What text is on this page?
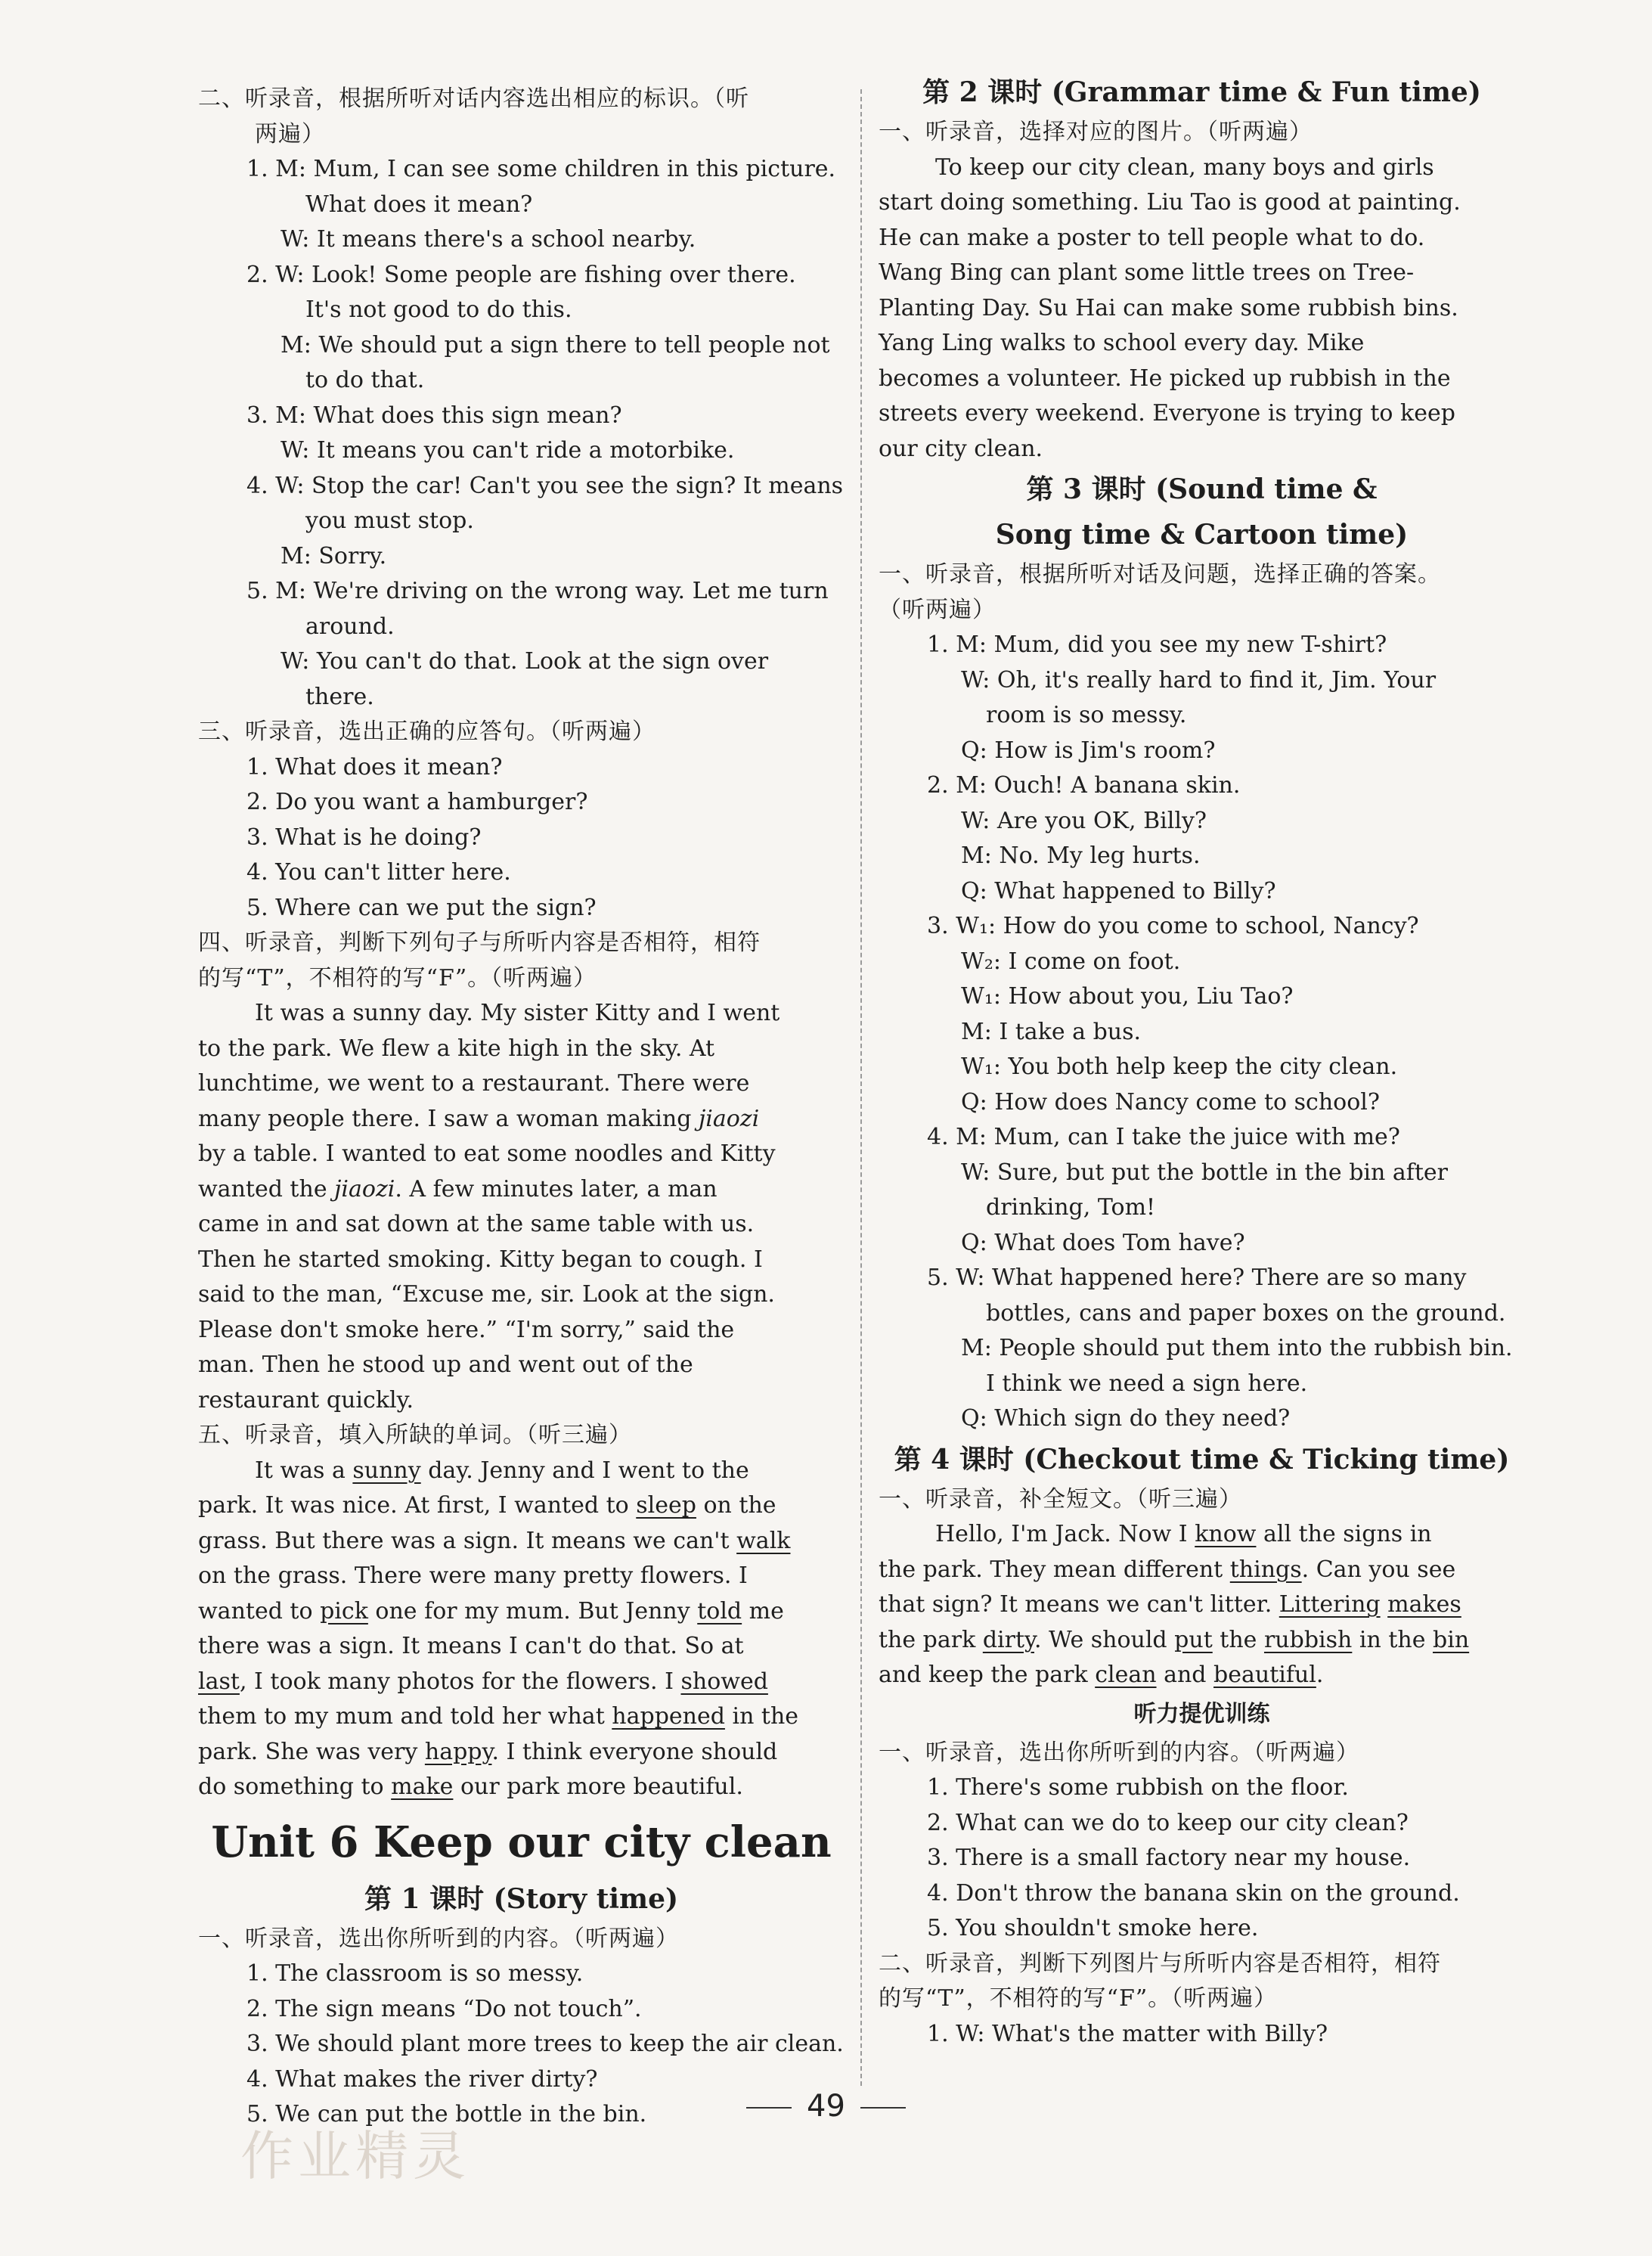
二、听录音，根据所听对话内容选出相应的标识。（听
两遍）
1. M: Mum, I can see some children in this picture.
What does it mean?
W: It means there's a school nearby.
2. W: Look! Some people are fishing over there.
It's not good to do this.
M: We should put a sign there to tell people not
to do that.
3. M: What does this sign mean?
W: It means you can't ride a motorbike.
4. W: Stop the car! Can't you see the sign? It means
you must stop.
M: Sorry.
5. M: We're driving on the wrong way. Let me turn
around.
W: You can't do that. Look at the sign over
there.
三、听录音，选出正确的应答句。（听两遍）
1. What does it mean?
2. Do you want a hamburger?
3. What is he doing?
4. You can't litter here.
5. Where can we put the sign?
四、听录音，判断下列句子与所听内容是否相符，相符
的写“T”，不相符的写“F”。（听两遍）
It was a sunny day. My sister Kitty and I went
to the park. We flew a kite high in the sky. At
lunchtime, we went to a restaurant. There were
many people there. I saw a woman making jiaozi
by a table. I wanted to eat some noodles and Kitty
wanted the jiaozi. A few minutes later, a man
came in and sat down at the same table with us.
Then he started smoking. Kitty began to cough. I
said to the man, “Excuse me, sir. Look at the sign.
Please don't smoke here.” “I'm sorry,” said the
man. Then he stood up and went out of the
restaurant quickly.
五、听录音，填入所缺的单词。（听三遍）
It was a sunny day. Jenny and I went to the
park. It was nice. At first, I wanted to sleep on the
grass. But there was a sign. It means we can't walk
on the grass. There were many pretty flowers. I
wanted to pick one for my mum. But Jenny told me
there was a sign. It means I can't do that. So at
last, I took many photos for the flowers. I showed
them to my mum and told her what happened in the
park. She was very happy. I think everyone should
do something to make our park more beautiful.
Unit 6 Keep our city clean
第 1 课时 (Story time)
一、听录音，选出你所听到的内容。（听两遍）
1. The classroom is so messy.
2. The sign means “Do not touch”.
3. We should plant more trees to keep the air clean.
4. What makes the river dirty?
5. We can put the bottle in the bin.
第 2 课时 (Grammar time & Fun time)
一、听录音，选择对应的图片。（听两遍）
To keep our city clean, many boys and girls
start doing something. Liu Tao is good at painting.
He can make a poster to tell people what to do.
Wang Bing can plant some little trees on Tree-
Planting Day. Su Hai can make some rubbish bins.
Yang Ling walks to school every day. Mike
becomes a volunteer. He picked up rubbish in the
streets every weekend. Everyone is trying to keep
our city clean.
第 3 课时 (Sound time &
Song time & Cartoon time)
一、听录音，根据所听对话及问题，选择正确的答案。
（听两遍）
1. M: Mum, did you see my new T-shirt?
W: Oh, it's really hard to find it, Jim. Your
room is so messy.
Q: How is Jim's room?
2. M: Ouch! A banana skin.
W: Are you OK, Billy?
M: No. My leg hurts.
Q: What happened to Billy?
3. W₁: How do you come to school, Nancy?
W₂: I come on foot.
W₁: How about you, Liu Tao?
M: I take a bus.
W₁: You both help keep the city clean.
Q: How does Nancy come to school?
4. M: Mum, can I take the juice with me?
W: Sure, but put the bottle in the bin after
drinking, Tom!
Q: What does Tom have?
5. W: What happened here? There are so many
bottles, cans and paper boxes on the ground.
M: People should put them into the rubbish bin.
I think we need a sign here.
Q: Which sign do they need?
第 4 课时 (Checkout time & Ticking time)
一、听录音，补全短文。（听三遍）
Hello, I'm Jack. Now I know all the signs in
the park. They mean different things. Can you see
that sign? It means we can't litter. Littering makes
the park dirty. We should put the rubbish in the bin
and keep the park clean and beautiful.
听力提优训练
一、听录音，选出你所听到的内容。（听两遍）
1. There's some rubbish on the floor.
2. What can we do to keep our city clean?
3. There is a small factory near my house.
4. Don't throw the banana skin on the ground.
5. You shouldn't smoke here.
二、听录音，判断下列图片与所听内容是否相符，相符
的写“T”，不相符的写“F”。（听两遍）
1. W: What's the matter with Billy?
49
作业精灵
